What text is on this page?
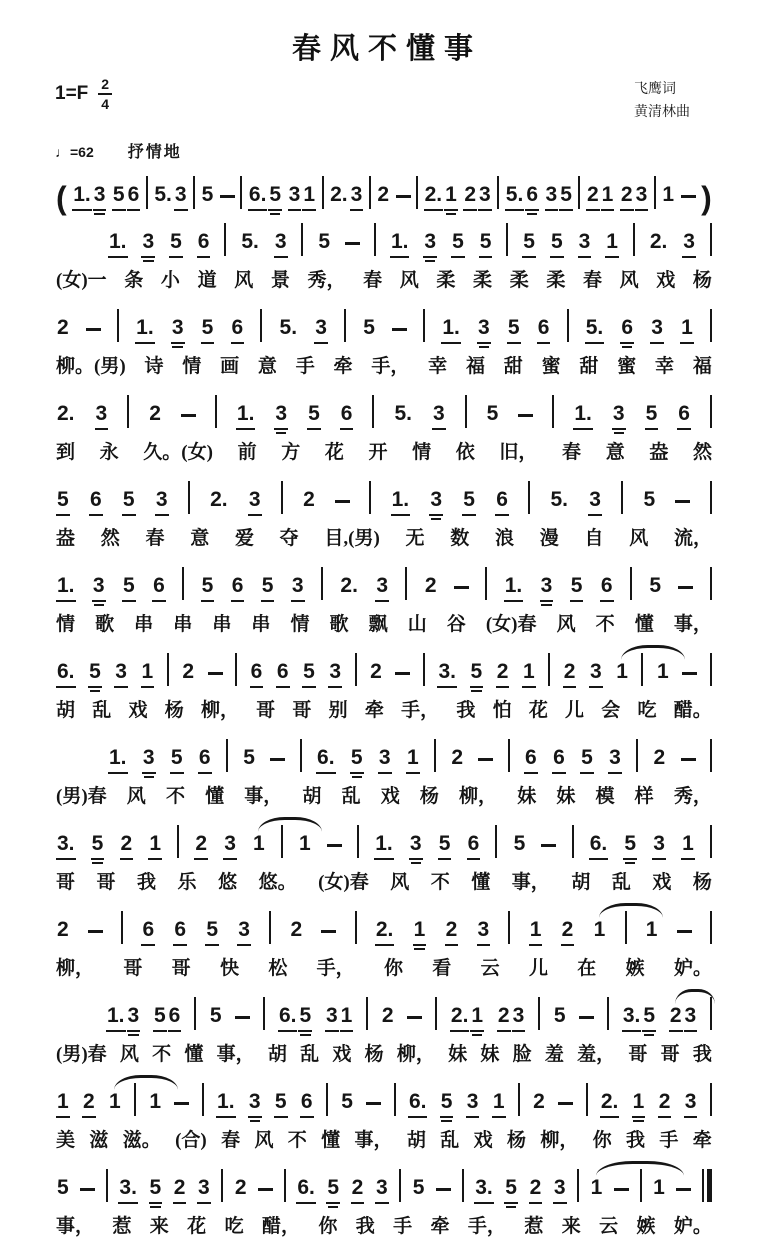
春风不懂事
$1=F \frac{2}{4}$	飞鹰词
黄清林曲
♩ =62 抒情地
( 1. 3 5 6 5. 3 5 6. 5 3 1 2. 3 2 2. 1 2 3 5. 6 3 5 2 1 2 3 1 )
1. 3 5 6 5. 3 5	1. 3 5 5 5 5 3 1 2. 3
(女)一 条 小 道 风 景 秀， 春 风 柔 柔 柔 柔 春 风 戏 杨
2	1. 3 5 6 5. 3 5	1. 3 5 6 5. 6 3 1
柳。(男) 诗 情 画 意 手 牵 手， 幸 福 甜 蜜 甜 蜜 幸 福
2. 3 2	1. 3 5 6 5. 3 5	1. 3 5 6
到 永 久。(女) 前 方 花 开 情 依 旧， 春 意 盎 然
5 6 5 3 2. 3 2	1. 3 5 6 5. 3 5
盎 然 春 意 爱 夺 目,(男) 无 数 浪 漫 自 风 流，
1. 3 5 6 5 6 5 3 2. 3 2	1. 3 5 6 5
情 歌 串 串 串 串 情 歌 飘 山 谷 (女)春 风 不 懂 事，
6. 5 3 1 2	6 6 5 3 2	3. 5 2 1 2 3 1 1
胡 乱 戏 杨 柳， 哥 哥 别 牵 手， 我 怕 花 儿 会 吃 醋。
1. 3 5 6 5	6. 5 3 1 2	6 6 5 3 2
(男)春 风 不 懂 事， 胡 乱 戏 杨 柳， 妹 妹 模 样 秀，
3. 5 2 1 2 3 1 1	1. 3 5 6 5	6. 5 3 1
哥 哥 我 乐 悠 悠。 (女)春 风 不 懂 事， 胡 乱 戏 杨
2	6 6 5 3 2	2. 1 2 3 1 2 1 1
柳， 哥 哥 快 松 手， 你 看 云 儿 在 嫉 妒。
1. 3 5 6 5	6. 5 3 1 2	2. 1 2 3 5	3. 5 2 3
(男)春 风 不 懂 事， 胡 乱 戏 杨 柳， 妹 妹 脸 羞 羞， 哥 哥 我
1 2 1 1	1. 3 5 6 5	6. 5 3 1 2	2. 1 2 3
美 滋 滋。 (合) 春 风 不 懂 事， 胡 乱 戏 杨 柳， 你 我 手 牵
5 3. 5 2 3 2 6. 5 2 3 5 3. 5 2 3 1 1
事， 惹 来 花 吃 醋， 你 我 手 牵 手， 惹 来 云 嫉 妒。
